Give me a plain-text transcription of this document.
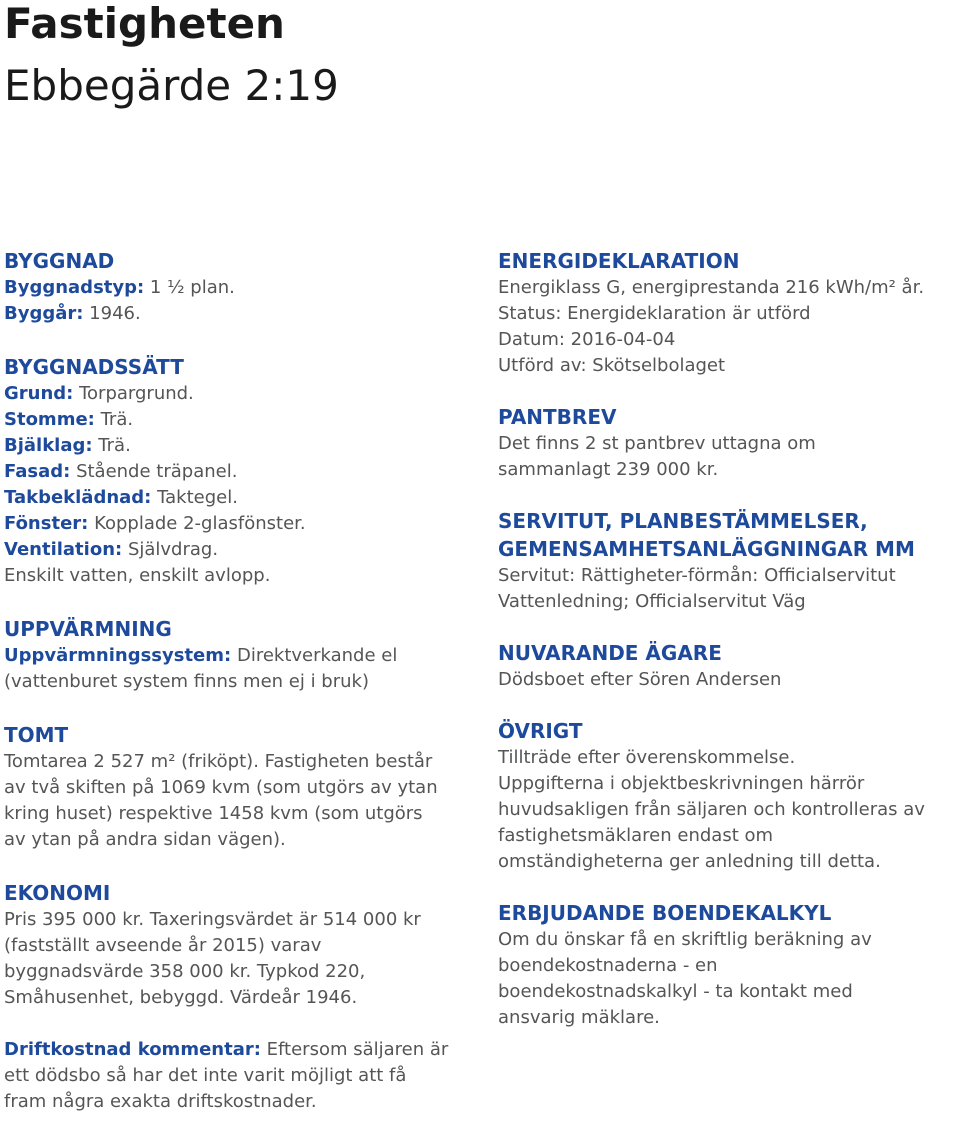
Fastigheten
Ebbegärde 2:19

BYGGNAD

Byggnadstyp: 1 ½ plan.

Byggår: 1946.

BYGGNADSSÄTT

Grund: Torpargrund.

Stomme: Trä.

Bjälklag: Trä.

Fasad: Stående träpanel.

Takbeklädnad: Taktegel.

Fönster: Kopplade 2-glasfönster.

Ventilation: Självdrag.

Enskilt vatten, enskilt avlopp.

UPPVÄRMNING

Uppvärmningssystem: Direktverkande el

(vattenburet system finns men ej i bruk)

TOMT

Tomtarea 2 527 m² (friköpt). Fastigheten består

av två skiften på 1069 kvm (som utgörs av ytan

kring huset) respektive 1458 kvm (som utgörs

av ytan på andra sidan vägen).

EKONOMI

Pris 395 000 kr. Taxeringsvärdet är 514 000 kr

(fastställt avseende år 2015) varav

byggnadsvärde 358 000 kr. Typkod 220,

Småhusenhet, bebyggd. Värdeår 1946.

Driftkostnad kommentar: Eftersom säljaren är

ett dödsbo så har det inte varit möjligt att få

fram några exakta driftskostnader.

ENERGIDEKLARATION

Energiklass G, energiprestanda 216 kWh/m² år.

Status: Energideklaration är utförd

Datum: 2016-04-04

Utförd av: Skötselbolaget

PANTBREV

Det finns 2 st pantbrev uttagna om

sammanlagt 239 000 kr.

SERVITUT, PLANBESTÄMMELSER,

GEMENSAMHETSANLÄGGNINGAR MM

Servitut: Rättigheter-förmån: Officialservitut

Vattenledning; Officialservitut Väg

NUVARANDE ÄGARE

Dödsboet efter Sören Andersen

ÖVRIGT

Tillträde efter överenskommelse.

Uppgifterna i objektbeskrivningen härrör

huvudsakligen från säljaren och kontrolleras av

fastighetsmäklaren endast om

omständigheterna ger anledning till detta.

ERBJUDANDE BOENDEKALKYL

Om du önskar få en skriftlig beräkning av

boendekostnaderna - en

boendekostnadskalkyl - ta kontakt med

ansvarig mäklare.
